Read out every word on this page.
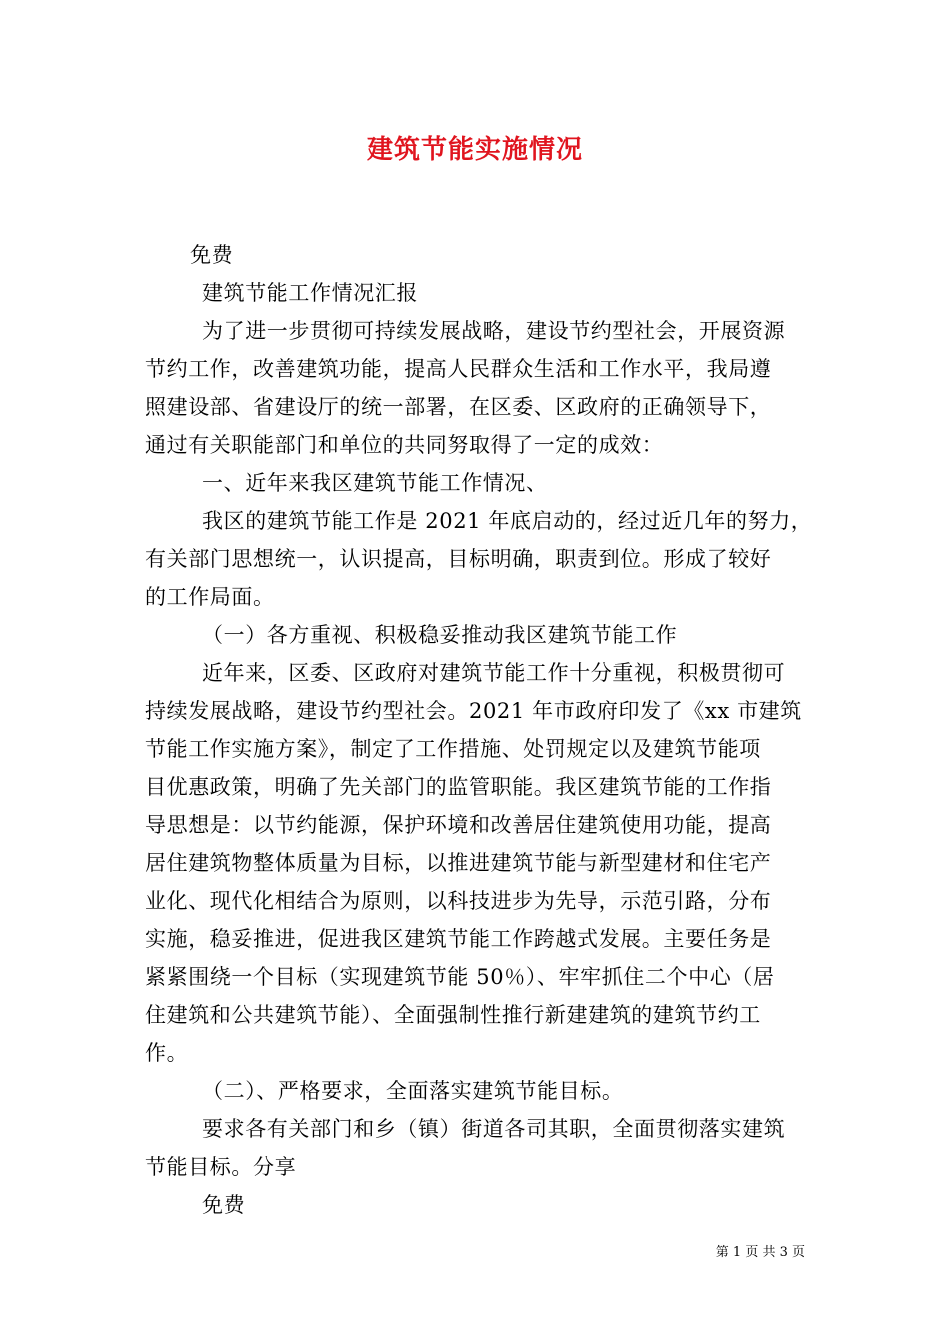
建筑节能实施情况
免费
建筑节能工作情况汇报
为了进一步贯彻可持续发展战略，建设节约型社会，开展资源
节约工作，改善建筑功能，提高人民群众生活和工作水平，我局遵
照建设部、省建设厅的统一部署，在区委、区政府的正确领导下，
通过有关职能部门和单位的共同努取得了一定的成效：
一、近年来我区建筑节能工作情况、
我区的建筑节能工作是 2021 年底启动的，经过近几年的努力，
有关部门思想统一，认识提高，目标明确，职责到位。形成了较好
的工作局面。
（一）各方重视、积极稳妥推动我区建筑节能工作
近年来，区委、区政府对建筑节能工作十分重视，积极贯彻可
持续发展战略，建设节约型社会。2021 年市政府印发了《xx 市建筑
节能工作实施方案》，制定了工作措施、处罚规定以及建筑节能项
目优惠政策，明确了先关部门的监管职能。我区建筑节能的工作指
导思想是：以节约能源，保护环境和改善居住建筑使用功能，提高
居住建筑物整体质量为目标，以推进建筑节能与新型建材和住宅产
业化、现代化相结合为原则，以科技进步为先导，示范引路，分布
实施，稳妥推进，促进我区建筑节能工作跨越式发展。主要任务是
紧紧围绕一个目标（实现建筑节能 50％）、牢牢抓住二个中心（居
住建筑和公共建筑节能）、全面强制性推行新建建筑的建筑节约工
作。
（二）、严格要求，全面落实建筑节能目标。
要求各有关部门和乡（镇）街道各司其职，全面贯彻落实建筑
节能目标。分享
免费
第 1 页 共 3 页
